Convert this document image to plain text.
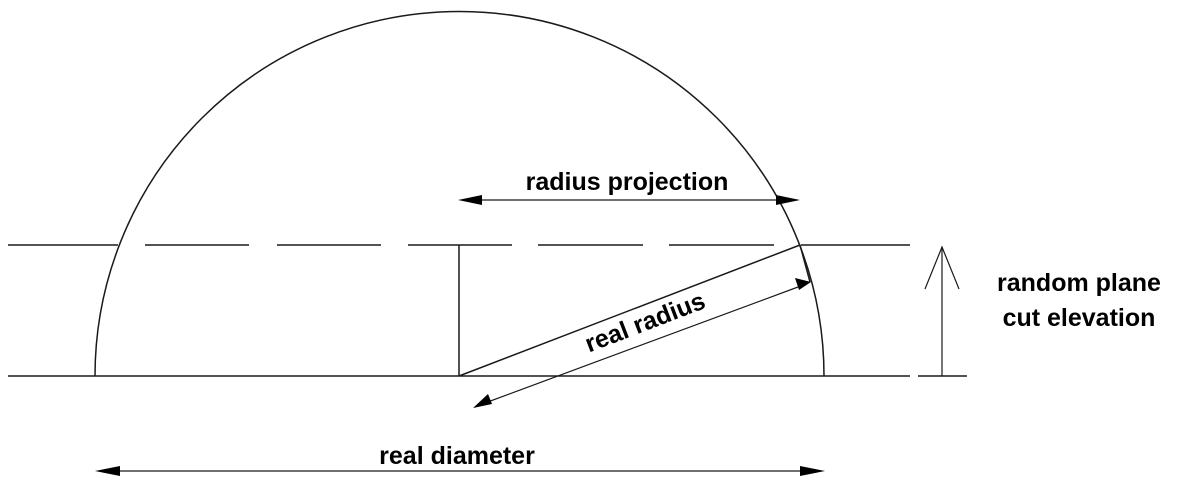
radius projection
real radius
random plane
cut elevation
real diameter
